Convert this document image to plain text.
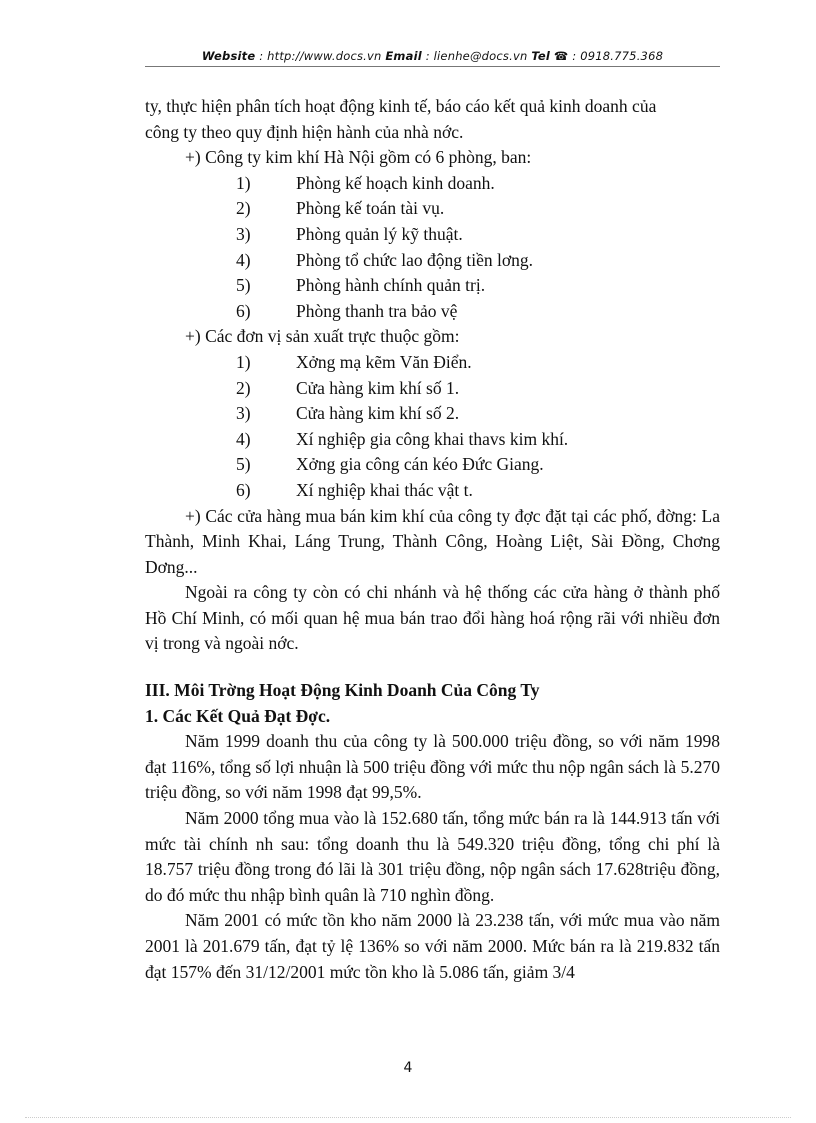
Website : http://www.docs.vn Email : lienhe@docs.vn Tel ☎ : 0918.775.368
ty, thực hiện phân tích hoạt động kinh tế, báo cáo kết quả kinh doanh của
công ty theo quy định hiện hành của nhà nớc.
+) Công ty kim khí Hà Nội gồm có 6 phòng, ban:
1)	Phòng kế hoạch kinh doanh.
2)	Phòng kế toán tài vụ.
3)	Phòng quản lý kỹ thuật.
4)	Phòng tổ chức lao động tiền lơng.
5)	Phòng hành chính quản trị.
6)	Phòng thanh tra bảo vệ
+) Các đơn vị sản xuất trực thuộc gồm:
1)	Xởng mạ kẽm Văn Điển.
2)	Cửa hàng kim khí số 1.
3)	Cửa hàng kim khí số 2.
4)	Xí nghiệp gia công khai thavs kim khí.
5)	Xởng gia công cán kéo Đức Giang.
6)	Xí nghiệp khai thác vật t.

+) Các cửa hàng mua bán kim khí của công ty đợc đặt tại các phố, đờng: La Thành, Minh Khai, Láng Trung, Thành Công, Hoàng Liệt, Sài Đồng, Chơng Dơng...

Ngoài ra công ty còn có chi nhánh và hệ thống các cửa hàng ở thành phố Hồ Chí Minh, có mối quan hệ mua bán trao đổi hàng hoá rộng rãi với nhiều đơn vị trong và ngoài nớc.

III. Môi Trờng Hoạt Động Kinh Doanh Của Công Ty

1. Các Kết Quả Đạt Đợc.

Năm 1999 doanh thu của công ty là 500.000 triệu đồng, so với năm 1998 đạt 116%, tổng số lợi nhuận là 500 triệu đồng với mức thu nộp ngân sách là 5.270 triệu đồng, so với năm 1998 đạt 99,5%.

Năm 2000 tổng mua vào là 152.680 tấn, tổng mức bán ra là 144.913 tấn với mức tài chính nh sau: tổng doanh thu là 549.320 triệu đồng, tổng chi phí là 18.757 triệu đồng trong đó lãi là 301 triệu đồng, nộp ngân sách 17.628triệu đồng, do đó mức thu nhập bình quân là 710 nghìn đồng.

Năm 2001 có mức tồn kho năm 2000 là 23.238 tấn, với mức mua vào năm 2001 là 201.679 tấn, đạt tỷ lệ 136% so với năm 2000. Mức bán ra là 219.832 tấn đạt 157% đến 31/12/2001 mức tồn kho là 5.086 tấn, giảm 3/4

4
